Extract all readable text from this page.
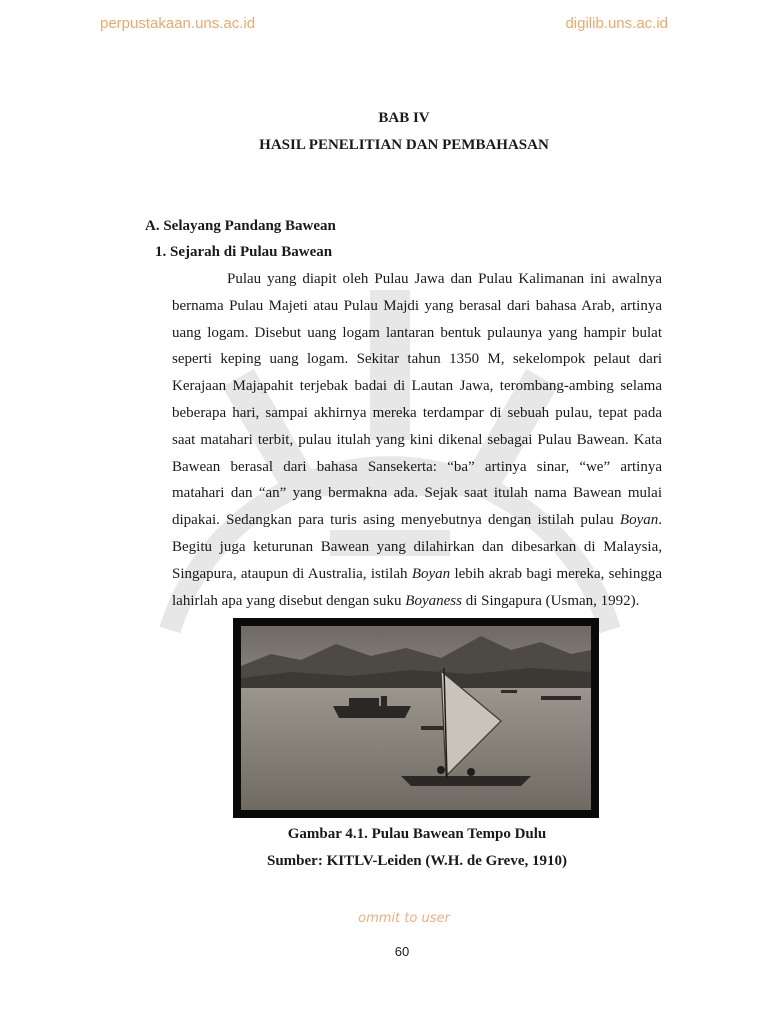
perpustakaan.uns.ac.id	digilib.uns.ac.id
BAB IV
HASIL PENELITIAN DAN PEMBAHASAN
A. Selayang Pandang Bawean
1. Sejarah di Pulau Bawean
Pulau yang diapit oleh Pulau Jawa dan Pulau Kalimanan ini awalnya
bernama Pulau Majeti atau Pulau Majdi yang berasal dari bahasa Arab, artinya
uang logam. Disebut uang logam lantaran bentuk pulaunya yang hampir bulat
seperti keping uang logam. Sekitar tahun 1350 M, sekelompok pelaut dari
Kerajaan Majapahit terjebak badai di Lautan Jawa, terombang-ambing selama
beberapa hari, sampai akhirnya mereka terdampar di sebuah pulau, tepat pada
saat matahari terbit, pulau itulah yang kini dikenal sebagai Pulau Bawean. Kata
Bawean berasal dari bahasa Sansekerta: “ba” artinya sinar, “we” artinya
matahari dan “an” yang bermakna ada. Sejak saat itulah nama Bawean mulai
dipakai. Sedangkan para turis asing menyebutnya dengan istilah pulau Boyan.
Begitu juga keturunan Bawean yang dilahirkan dan dibesarkan di Malaysia,
Singapura, ataupun di Australia, istilah Boyan lebih akrab bagi mereka, sehingga
lahirlah apa yang disebut dengan suku Boyaness di Singapura (Usman, 1992).
Gambar 4.1. Pulau Bawean Tempo Dulu
Sumber: KITLV-Leiden (W.H. de Greve, 1910)
ommit to user
60
